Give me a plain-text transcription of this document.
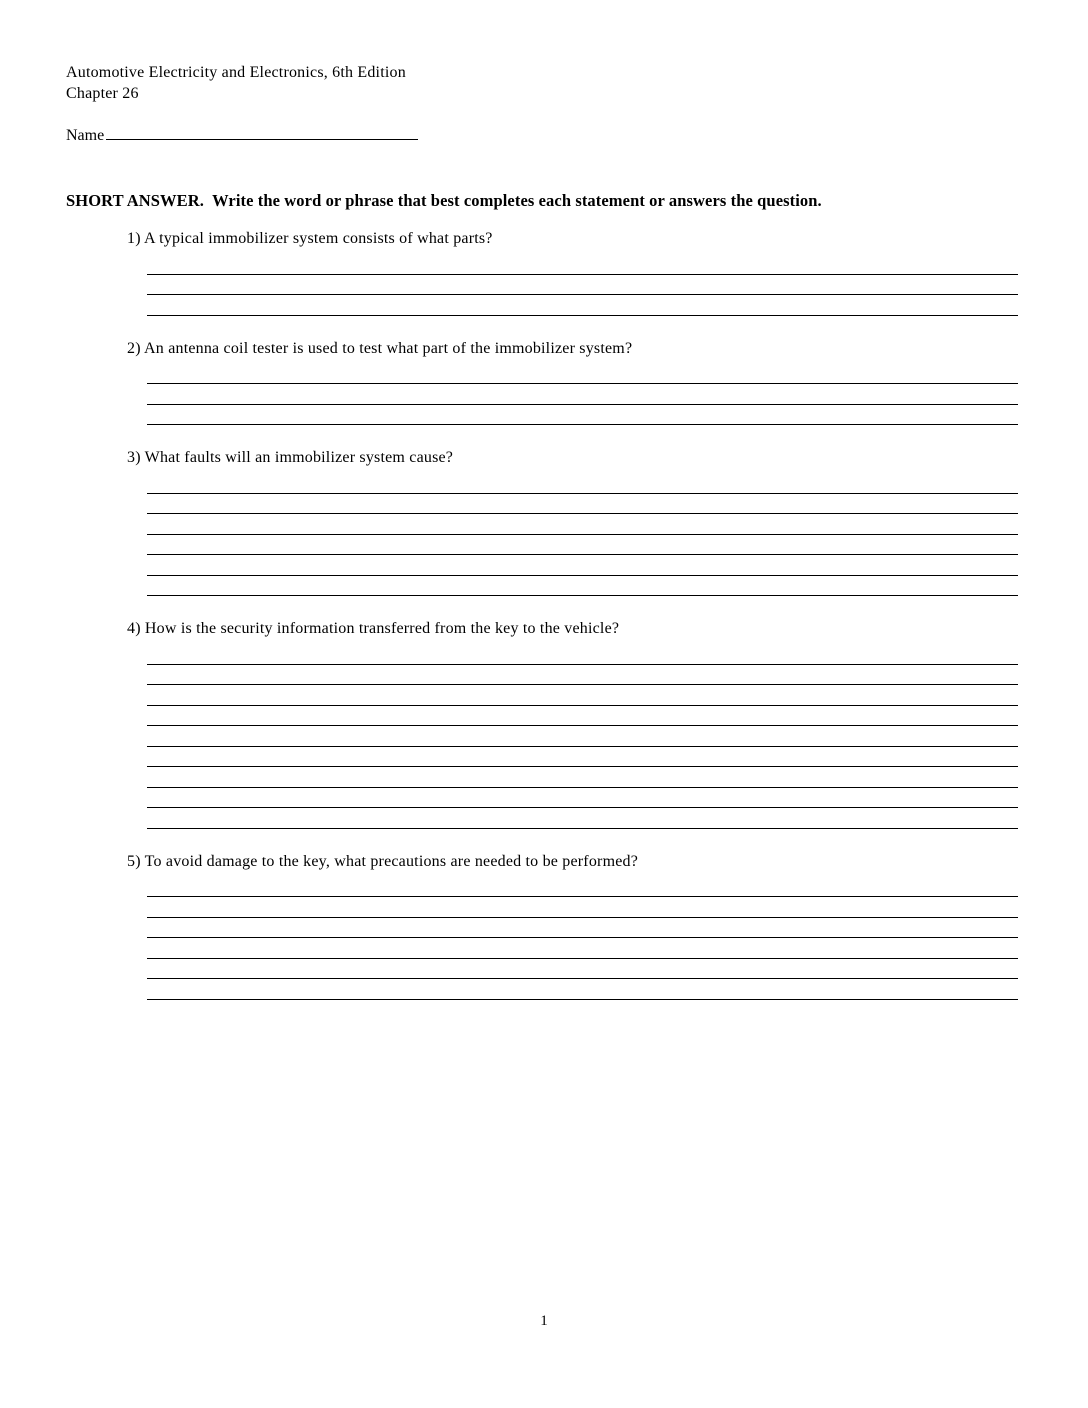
Automotive Electricity and Electronics, 6th Edition
Chapter 26
Name

SHORT ANSWER.  Write the word or phrase that best completes each statement or answers the question.

1) A typical immobilizer system consists of what parts?

2) An antenna coil tester is used to test what part of the immobilizer system?

3) What faults will an immobilizer system cause?

4) How is the security information transferred from the key to the vehicle?

5) To avoid damage to the key, what precautions are needed to be performed?

1
